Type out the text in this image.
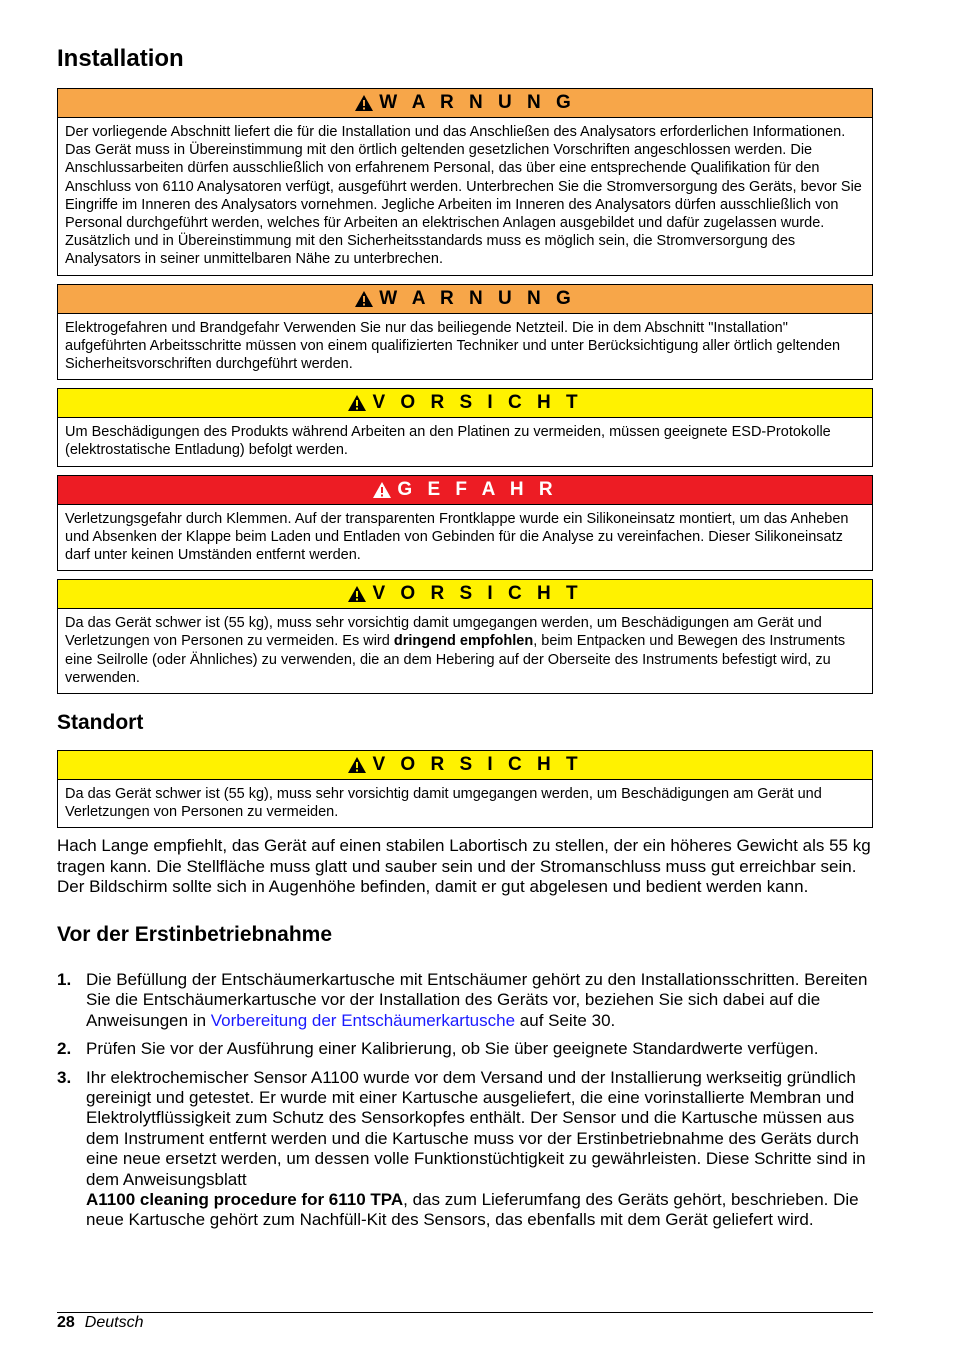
Installation
W A R N U N G
Der vorliegende Abschnitt liefert die für die Installation und das Anschließen des Analysators erforderlichen Informationen. Das Gerät muss in Übereinstimmung mit den örtlich geltenden gesetzlichen Vorschriften angeschlossen werden. Die Anschlussarbeiten dürfen ausschließlich von erfahrenem Personal, das über eine entsprechende Qualifikation für den Anschluss von 6110 Analysatoren verfügt, ausgeführt werden. Unterbrechen Sie die Stromversorgung des Geräts, bevor Sie Eingriffe im Inneren des Analysators vornehmen. Jegliche Arbeiten im Inneren des Analysators dürfen ausschließlich von Personal durchgeführt werden, welches für Arbeiten an elektrischen Anlagen ausgebildet und dafür zugelassen wurde. Zusätzlich und in Übereinstimmung mit den Sicherheitsstandards muss es möglich sein, die Stromversorgung des Analysators in seiner unmittelbaren Nähe zu unterbrechen.
W A R N U N G
Elektrogefahren und Brandgefahr Verwenden Sie nur das beiliegende Netzteil. Die in dem Abschnitt "Installation" aufgeführten Arbeitsschritte müssen von einem qualifizierten Techniker und unter Berücksichtigung aller örtlich geltenden Sicherheitsvorschriften durchgeführt werden.
V O R S I C H T
Um Beschädigungen des Produkts während Arbeiten an den Platinen zu vermeiden, müssen geeignete ESD-Protokolle (elektrostatische Entladung) befolgt werden.
G E F A H R
Verletzungsgefahr durch Klemmen. Auf der transparenten Frontklappe wurde ein Silikoneinsatz montiert, um das Anheben und Absenken der Klappe beim Laden und Entladen von Gebinden für die Analyse zu vereinfachen. Dieser Silikoneinsatz darf unter keinen Umständen entfernt werden.
V O R S I C H T
Da das Gerät schwer ist (55 kg), muss sehr vorsichtig damit umgegangen werden, um Beschädigungen am Gerät und Verletzungen von Personen zu vermeiden. Es wird dringend empfohlen, beim Entpacken und Bewegen des Instruments eine Seilrolle (oder Ähnliches) zu verwenden, die an dem Hebering auf der Oberseite des Instruments befestigt wird, zu verwenden.
Standort
V O R S I C H T
Da das Gerät schwer ist (55 kg), muss sehr vorsichtig damit umgegangen werden, um Beschädigungen am Gerät und Verletzungen von Personen zu vermeiden.

Hach Lange empfiehlt, das Gerät auf einen stabilen Labortisch zu stellen, der ein höheres Gewicht als 55 kg tragen kann. Die Stellfläche muss glatt und sauber sein und der Stromanschluss muss gut erreichbar sein. Der Bildschirm sollte sich in Augenhöhe befinden, damit er gut abgelesen und bedient werden kann.

Vor der Erstinbetriebnahme
1. Die Befüllung der Entschäumerkartusche mit Entschäumer gehört zu den Installationsschritten. Bereiten Sie die Entschäumerkartusche vor der Installation des Geräts vor, beziehen Sie sich dabei auf die Anweisungen in Vorbereitung der Entschäumerkartusche auf Seite 30.
2. Prüfen Sie vor der Ausführung einer Kalibrierung, ob Sie über geeignete Standardwerte verfügen.
3. Ihr elektrochemischer Sensor A1100 wurde vor dem Versand und der Installierung werkseitig gründlich gereinigt und getestet. Er wurde mit einer Kartusche ausgeliefert, die eine vorinstallierte Membran und Elektrolytflüssigkeit zum Schutz des Sensorkopfes enthält. Der Sensor und die Kartusche müssen aus dem Instrument entfernt werden und die Kartusche muss vor der Erstinbetriebnahme des Geräts durch eine neue ersetzt werden, um dessen volle Funktionstüchtigkeit zu gewährleisten. Diese Schritte sind in dem Anweisungsblatt
A1100 cleaning procedure for 6110 TPA, das zum Lieferumfang des Geräts gehört, beschrieben. Die neue Kartusche gehört zum Nachfüll-Kit des Sensors, das ebenfalls mit dem Gerät geliefert wird.
28 Deutsch
